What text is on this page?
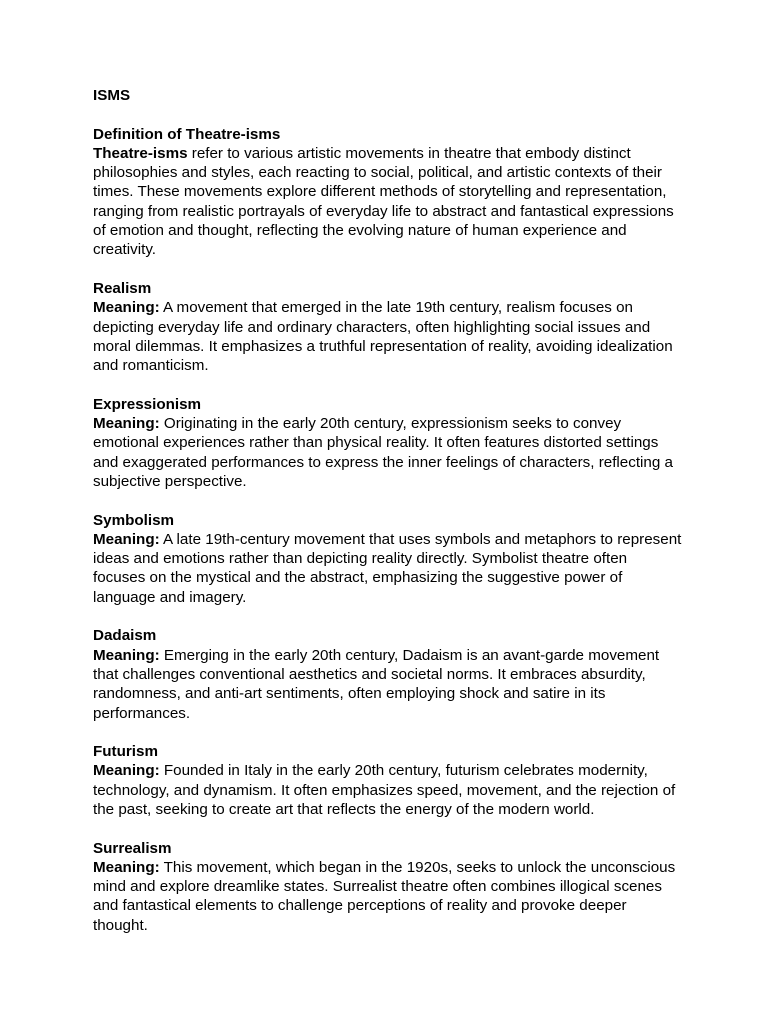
ISMS

Definition of Theatre-isms

Theatre-isms refer to various artistic movements in theatre that embody distinct philosophies and styles, each reacting to social, political, and artistic contexts of their times. These movements explore different methods of storytelling and representation, ranging from realistic portrayals of everyday life to abstract and fantastical expressions of emotion and thought, reflecting the evolving nature of human experience and creativity.

Realism

Meaning: A movement that emerged in the late 19th century, realism focuses on depicting everyday life and ordinary characters, often highlighting social issues and moral dilemmas. It emphasizes a truthful representation of reality, avoiding idealization and romanticism.

Expressionism

Meaning: Originating in the early 20th century, expressionism seeks to convey emotional experiences rather than physical reality. It often features distorted settings and exaggerated performances to express the inner feelings of characters, reflecting a subjective perspective.

Symbolism

Meaning: A late 19th-century movement that uses symbols and metaphors to represent ideas and emotions rather than depicting reality directly. Symbolist theatre often focuses on the mystical and the abstract, emphasizing the suggestive power of language and imagery.

Dadaism

Meaning: Emerging in the early 20th century, Dadaism is an avant-garde movement that challenges conventional aesthetics and societal norms. It embraces absurdity, randomness, and anti-art sentiments, often employing shock and satire in its performances.

Futurism

Meaning: Founded in Italy in the early 20th century, futurism celebrates modernity, technology, and dynamism. It often emphasizes speed, movement, and the rejection of the past, seeking to create art that reflects the energy of the modern world.

Surrealism

Meaning: This movement, which began in the 1920s, seeks to unlock the unconscious mind and explore dreamlike states. Surrealist theatre often combines illogical scenes and fantastical elements to challenge perceptions of reality and provoke deeper thought.
